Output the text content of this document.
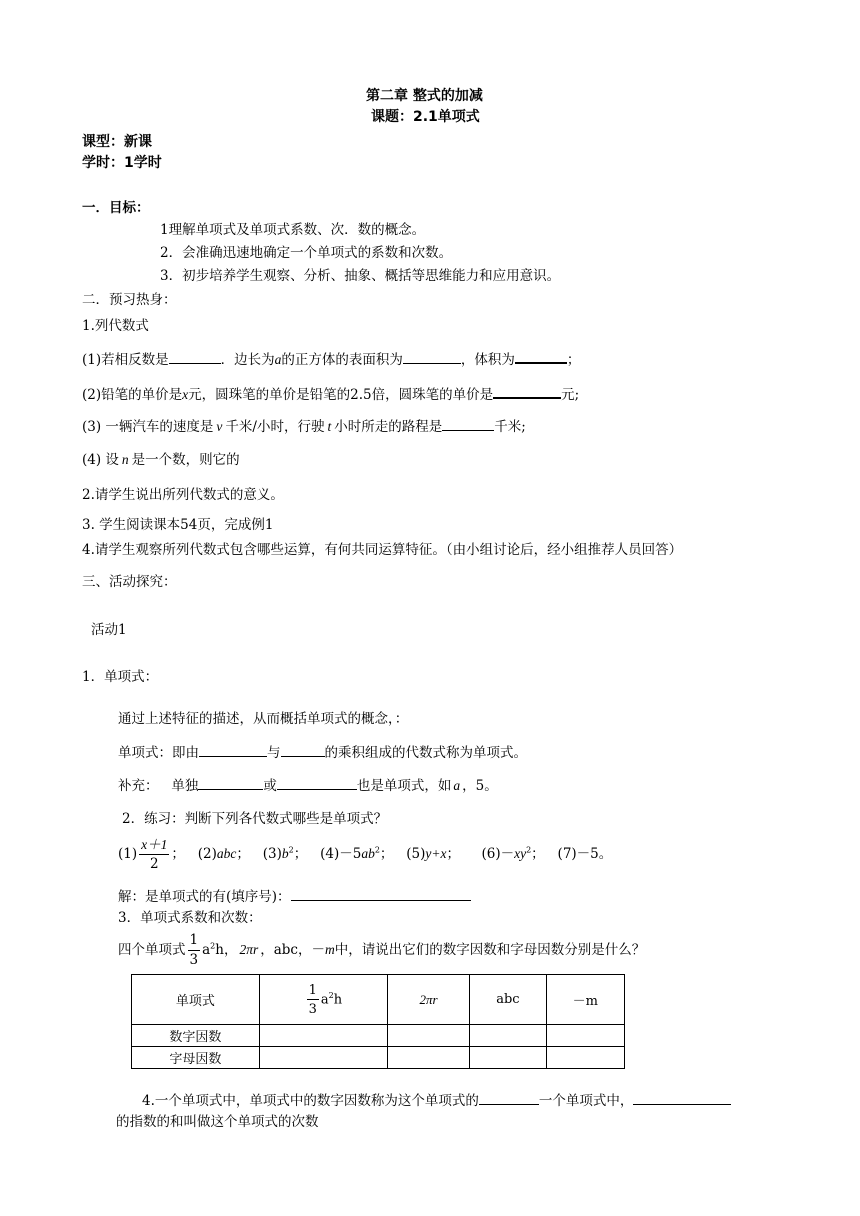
第二章 整式的加减
课题：2.1单项式
课型：新课
学时：1学时
一．目标：
1理解单项式及单项式系数、次．数的概念。
2．会准确迅速地确定一个单项式的系数和次数。
3．初步培养学生观察、分析、抽象、概括等思维能力和应用意识。
二．预习热身：
1.列代数式
(1)若相反数是	．边长为a的正方体的表面积为	，体积为	；
(2)铅笔的单价是x元，圆珠笔的单价是铅笔的2.5倍，圆珠笔的单价是	元;
(3) 一辆汽车的速度是 v 千米/小时，行驶 t 小时所走的路程是	千米;
(4) 设 n 是一个数，则它的
2.请学生说出所列代数式的意义。
3. 学生阅读课本54页，完成例1
4.请学生观察所列代数式包含哪些运算，有何共同运算特征。（由小组讨论后，经小组推荐人员回答）
三、活动探究：
活动1
1．单项式：
通过上述特征的描述，从而概括单项式的概念，：
单项式：即由	与	的乘积组成的代数式称为单项式。
补充：   单独	或	也是单项式，如 a ，5。
2．练习：判断下列各代数式哪些是单项式？
$(1) \frac{x+1}{2}$ ； (2)abc； $(3)b^2$； $(4)-5ab^2$； (5)y+x； $(6)-xy^2$； (7)－5。
解：是单项式的有(填序号)：
3．单项式系数和次数：
四个单项式 $\frac{1}{3} a^2h$， 2πr ，abc，－m中，请说出它们的数字因数和字母因数分别是什么？
单项式	$\frac{1}{3} a^2h$	2πr	abc	－m
数字因数				
字母因数				
4.一个单项式中，单项式中的数字因数称为这个单项式的	一个单项式中，
的指数的和叫做这个单项式的次数
